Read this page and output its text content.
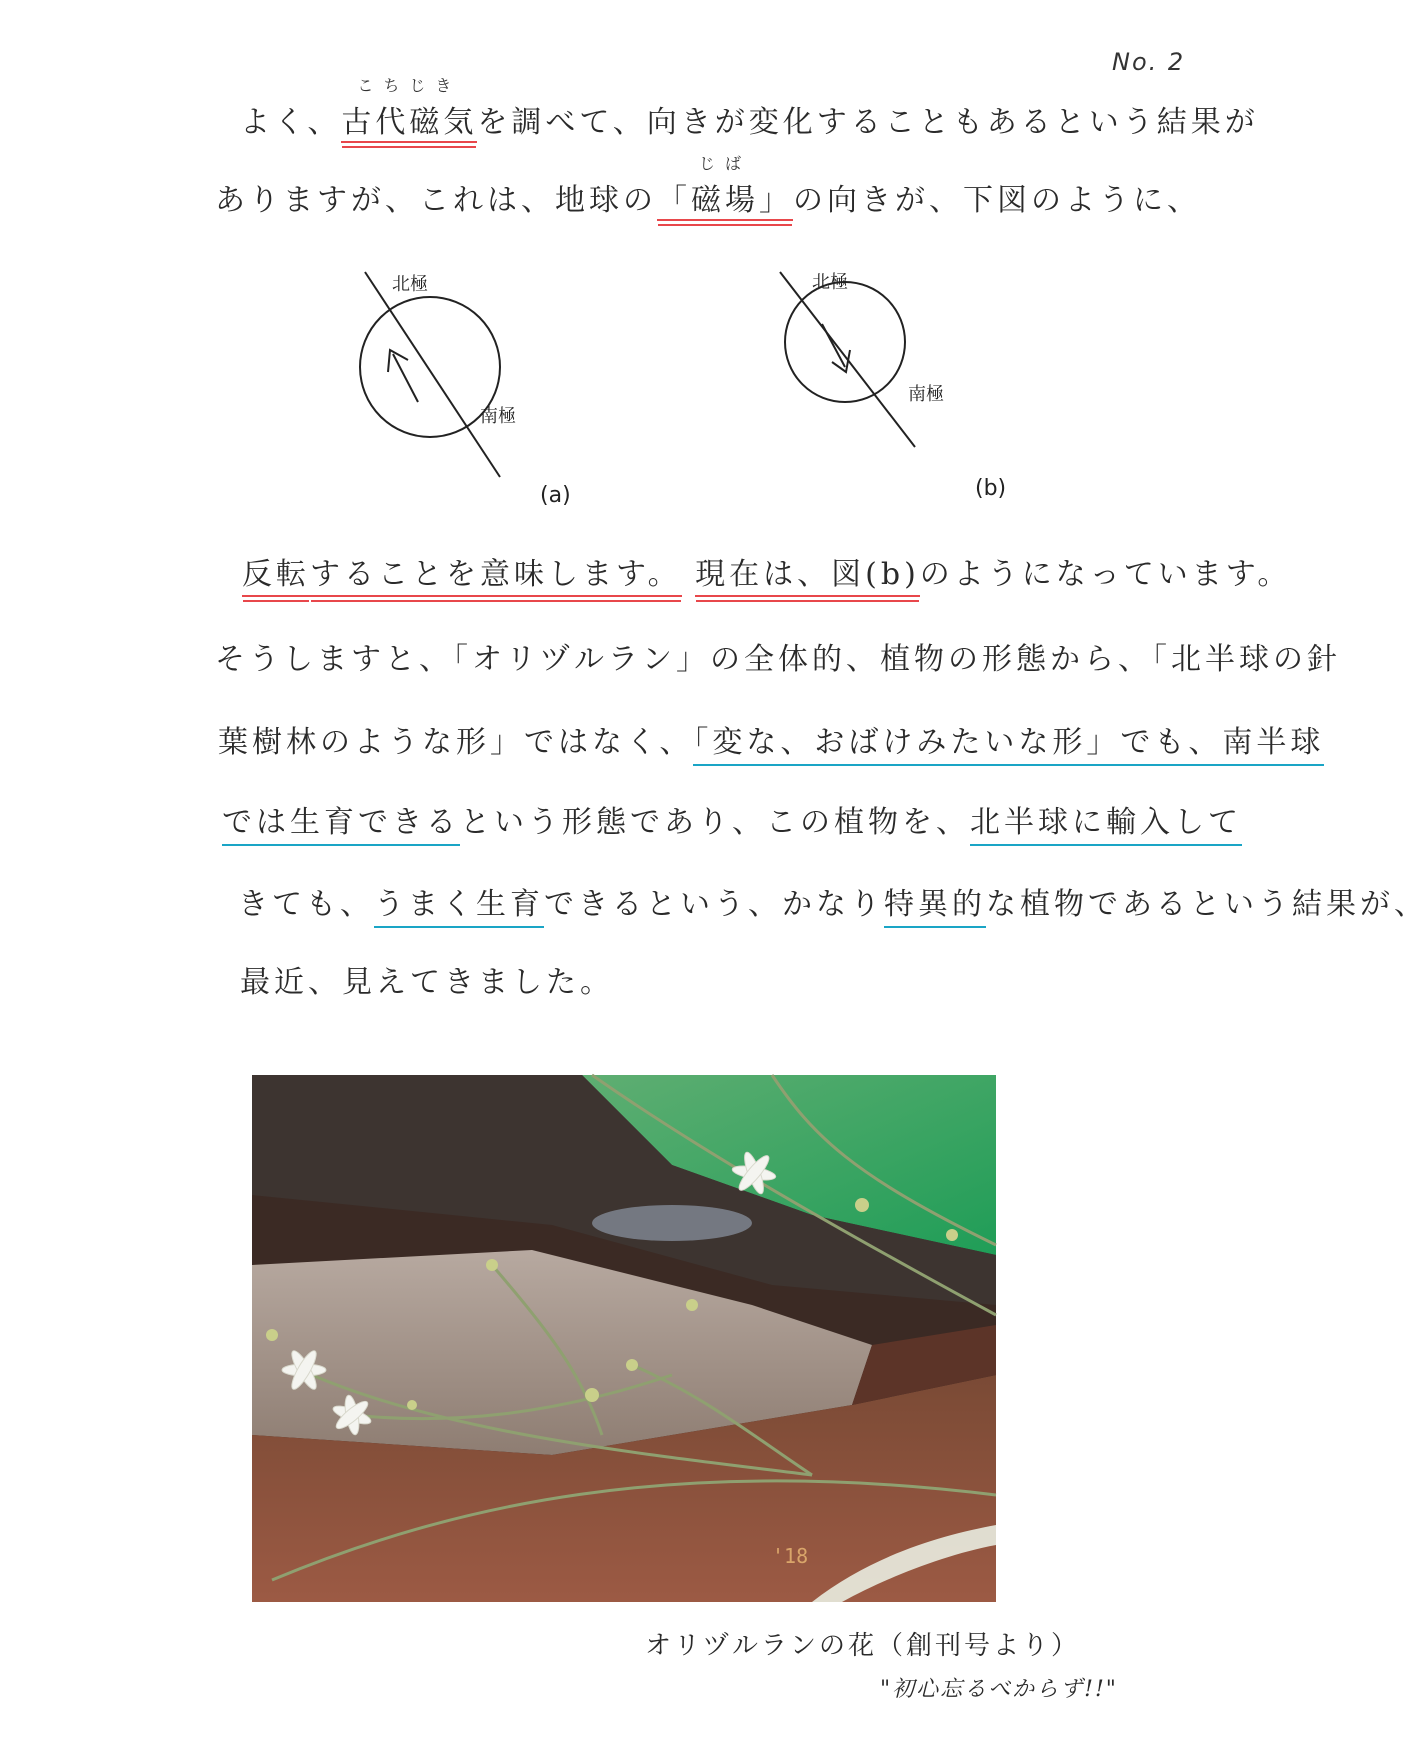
No. 2
よく、
こちじき
古代磁気を調べて、向きが変化することもあるという結果が
ありますが、これは、地球の
じば
「磁場」の向きが、下図のように、
北極
南極
(a)
北極
南極
(b)
反転することを意味します。 現在は、図(b)のようになっています。
そうしますと、「オリヅルラン」の全体的、植物の形態から、「北半球の針
葉樹林のような形」ではなく、「変な、おばけみたいな形」でも、南半球
では生育できるという形態であり、この植物を、北半球に輸入して
きても、うまく生育できるという、かなり特異的な植物であるという結果が、
最近、見えてきました。
'18
オリヅルランの花（創刊号より）
"初心忘るべからず!!"
